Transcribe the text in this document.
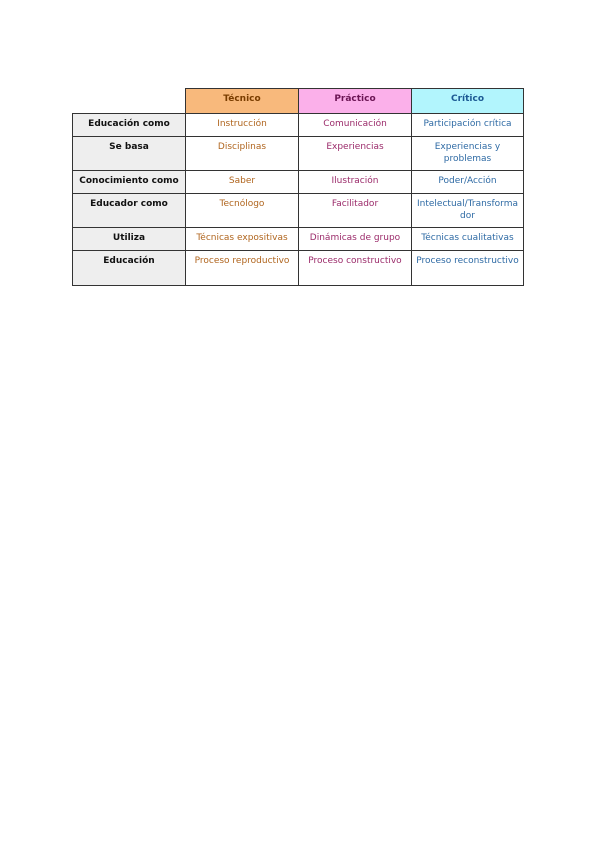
	Técnico	Práctico	Crítico
Educación como	Instrucción	Comunicación	Participación crítica
Se basa	Disciplinas	Experiencias	Experiencias y problemas
Conocimiento como	Saber	Ilustración	Poder/Acción
Educador como	Tecnólogo	Facilitador	Intelectual/Transformador
Utiliza	Técnicas expositivas	Dinámicas de grupo	Técnicas cualitativas
Educación	Proceso reproductivo	Proceso constructivo	Proceso reconstructivo
